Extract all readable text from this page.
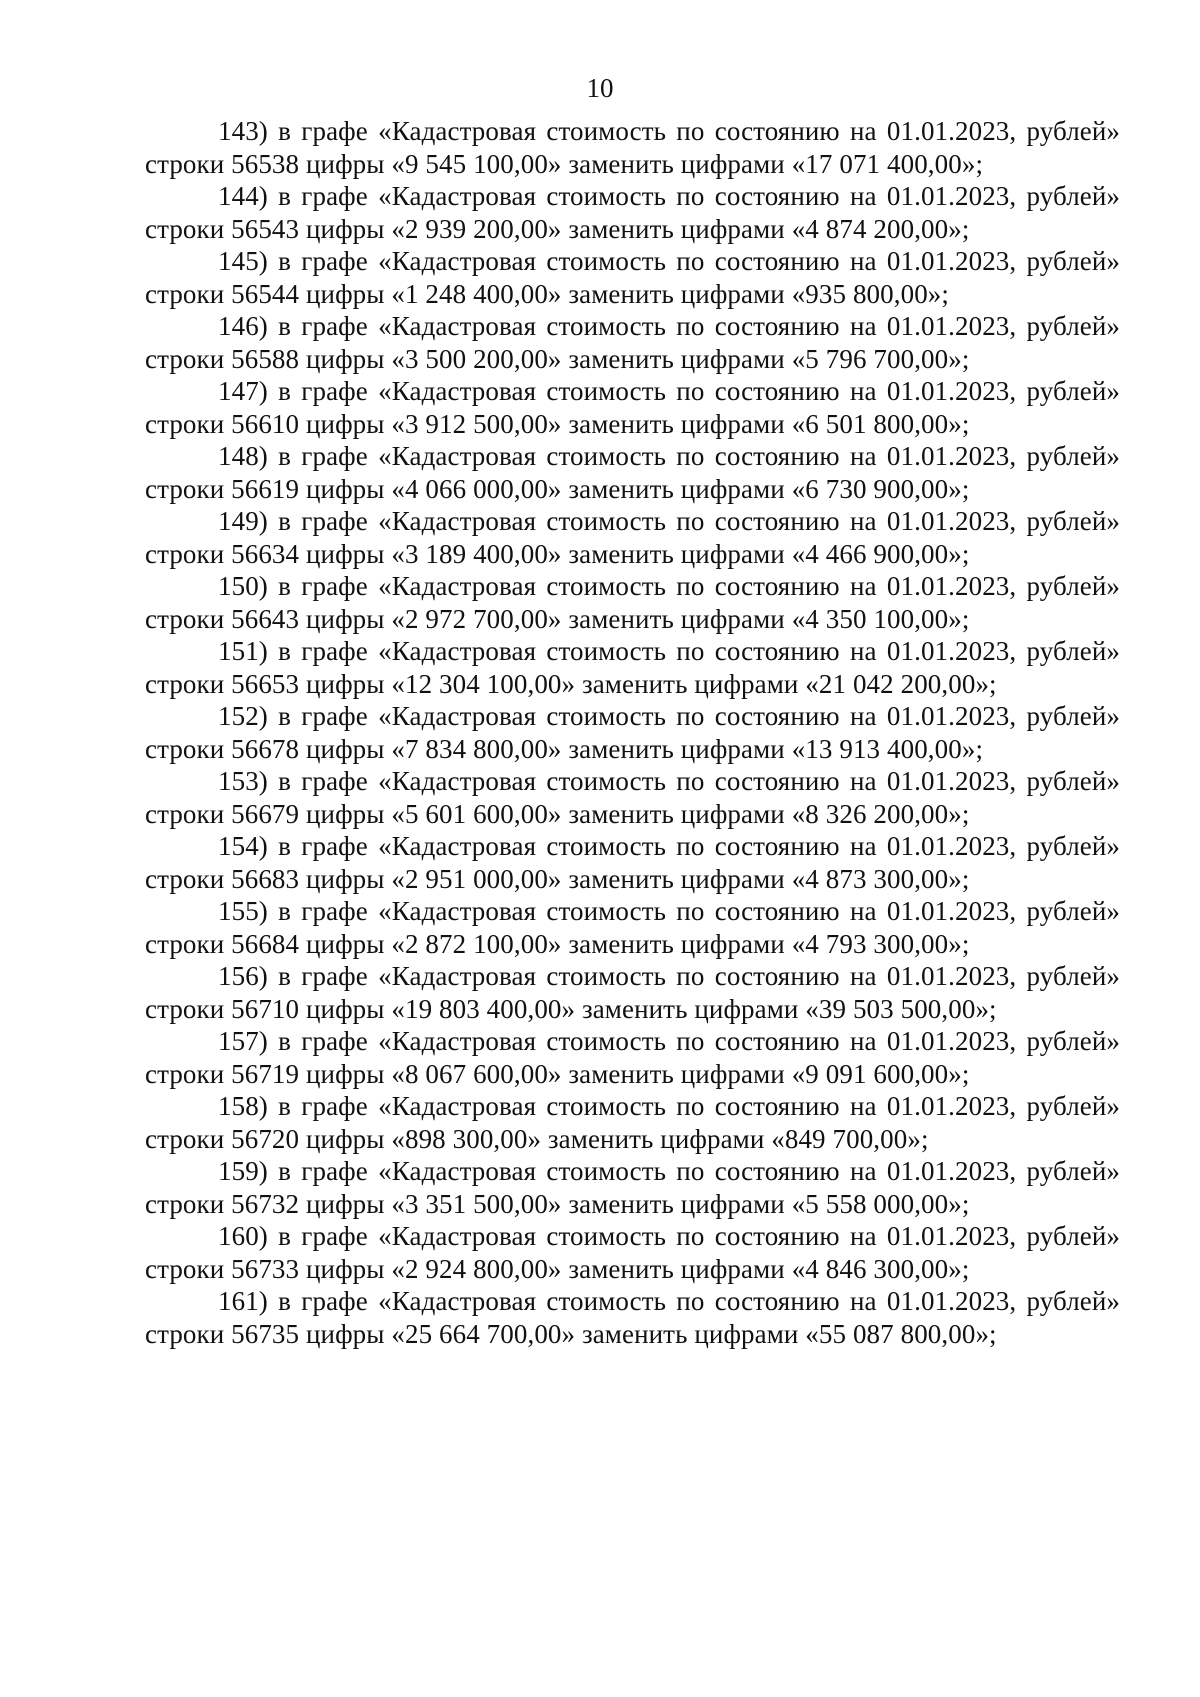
10

143) в графе «Кадастровая стоимость по состоянию на 01.01.2023, рублей» строки 56538 цифры «9 545 100,00» заменить цифрами «17 071 400,00»;

144) в графе «Кадастровая стоимость по состоянию на 01.01.2023, рублей» строки 56543 цифры «2 939 200,00» заменить цифрами «4 874 200,00»;

145) в графе «Кадастровая стоимость по состоянию на 01.01.2023, рублей» строки 56544 цифры «1 248 400,00» заменить цифрами «935 800,00»;

146) в графе «Кадастровая стоимость по состоянию на 01.01.2023, рублей» строки 56588 цифры «3 500 200,00» заменить цифрами «5 796 700,00»;

147) в графе «Кадастровая стоимость по состоянию на 01.01.2023, рублей» строки 56610 цифры «3 912 500,00» заменить цифрами «6 501 800,00»;

148) в графе «Кадастровая стоимость по состоянию на 01.01.2023, рублей» строки 56619 цифры «4 066 000,00» заменить цифрами «6 730 900,00»;

149) в графе «Кадастровая стоимость по состоянию на 01.01.2023, рублей» строки 56634 цифры «3 189 400,00» заменить цифрами «4 466 900,00»;

150) в графе «Кадастровая стоимость по состоянию на 01.01.2023, рублей» строки 56643 цифры «2 972 700,00» заменить цифрами «4 350 100,00»;

151) в графе «Кадастровая стоимость по состоянию на 01.01.2023, рублей» строки 56653 цифры «12 304 100,00» заменить цифрами «21 042 200,00»;

152) в графе «Кадастровая стоимость по состоянию на 01.01.2023, рублей» строки 56678 цифры «7 834 800,00» заменить цифрами «13 913 400,00»;

153) в графе «Кадастровая стоимость по состоянию на 01.01.2023, рублей» строки 56679 цифры «5 601 600,00» заменить цифрами «8 326 200,00»;

154) в графе «Кадастровая стоимость по состоянию на 01.01.2023, рублей» строки 56683 цифры «2 951 000,00» заменить цифрами «4 873 300,00»;

155) в графе «Кадастровая стоимость по состоянию на 01.01.2023, рублей» строки 56684 цифры «2 872 100,00» заменить цифрами «4 793 300,00»;

156) в графе «Кадастровая стоимость по состоянию на 01.01.2023, рублей» строки 56710 цифры «19 803 400,00» заменить цифрами «39 503 500,00»;

157) в графе «Кадастровая стоимость по состоянию на 01.01.2023, рублей» строки 56719 цифры «8 067 600,00» заменить цифрами «9 091 600,00»;

158) в графе «Кадастровая стоимость по состоянию на 01.01.2023, рублей» строки 56720 цифры «898 300,00» заменить цифрами «849 700,00»;

159) в графе «Кадастровая стоимость по состоянию на 01.01.2023, рублей» строки 56732 цифры «3 351 500,00» заменить цифрами «5 558 000,00»;

160) в графе «Кадастровая стоимость по состоянию на 01.01.2023, рублей» строки 56733 цифры «2 924 800,00» заменить цифрами «4 846 300,00»;

161) в графе «Кадастровая стоимость по состоянию на 01.01.2023, рублей» строки 56735 цифры «25 664 700,00» заменить цифрами «55 087 800,00»;
